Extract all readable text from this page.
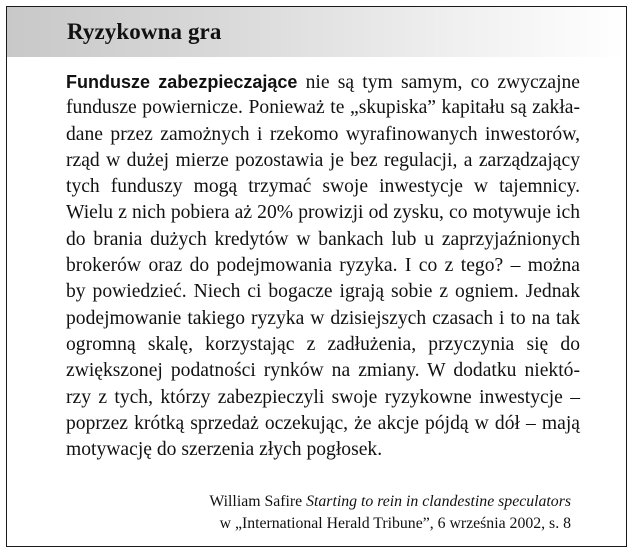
Ryzykowna gra
Fundusze zabezpieczające nie są tym samym, co zwyczajne
fundusze powiernicze. Ponieważ te „skupiska” kapitału są zakła-
dane przez zamożnych i rzekomo wyrafinowanych inwestorów,
rząd w dużej mierze pozostawia je bez regulacji, a zarządzający
tych funduszy mogą trzymać swoje inwestycje w tajemnicy.
Wielu z nich pobiera aż 20% prowizji od zysku, co motywuje ich
do brania dużych kredytów w bankach lub u zaprzyjaźnionych
brokerów oraz do podejmowania ryzyka. I co z tego? – można
by powiedzieć. Niech ci bogacze igrają sobie z ogniem. Jednak
podejmowanie takiego ryzyka w dzisiejszych czasach i to na tak
ogromną skalę, korzystając z zadłużenia, przyczynia się do
zwiększonej podatności rynków na zmiany. W dodatku niektó-
rzy z tych, którzy zabezpieczyli swoje ryzykowne inwestycje –
poprzez krótką sprzedaż oczekując, że akcje pójdą w dół – mają
motywację do szerzenia złych pogłosek.
William Safire Starting to rein in clandestine speculators
w „International Herald Tribune”, 6 września 2002, s. 8
